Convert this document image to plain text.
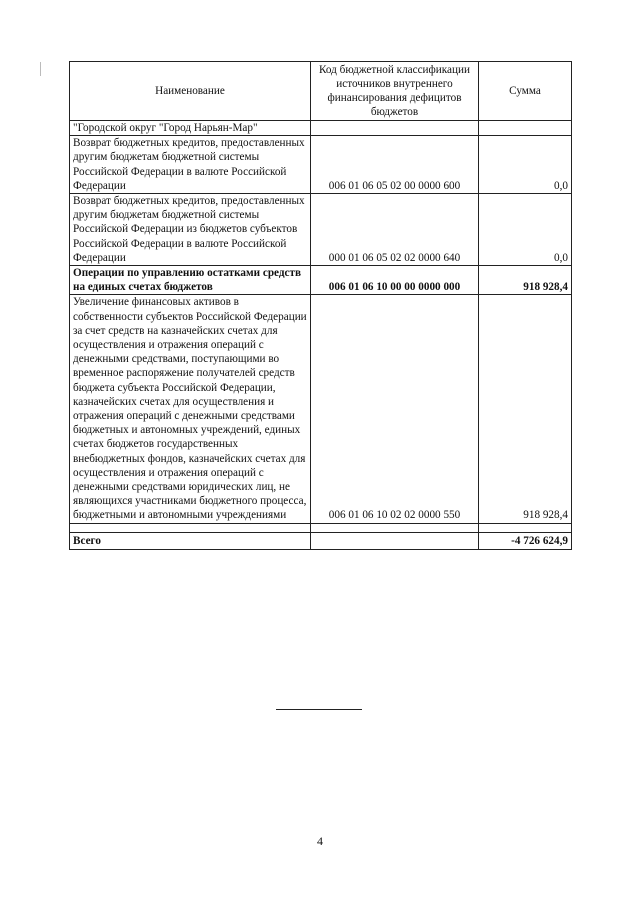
Наименование	Код бюджетной классификации источников внутреннего финансирования дефицитов бюджетов	Сумма
"Городской округ "Город Нарьян-Мар"		
Возврат бюджетных кредитов, предоставленных другим бюджетам бюджетной системы Российской Федерации в валюте Российской Федерации	006 01 06 05 02 00 0000 600	0,0
Возврат бюджетных кредитов, предоставленных другим бюджетам бюджетной системы Российской Федерации из бюджетов субъектов Российской Федерации в валюте Российской Федерации	000 01 06 05 02 02 0000 640	0,0
Операции по управлению остатками средств на единых счетах бюджетов	006 01 06 10 00 00 0000 000	918 928,4
Увеличение финансовых активов в собственности субъектов Российской Федерации за счет средств на казначейских счетах для осуществления и отражения операций с денежными средствами, поступающими во временное распоряжение получателей средств бюджета субъекта Российской Федерации, казначейских счетах для осуществления и отражения операций с денежными средствами бюджетных и автономных учреждений, единых счетах бюджетов государственных внебюджетных фондов, казначейских счетах для осуществления и отражения операций с денежными средствами юридических лиц, не являющихся участниками бюджетного процесса, бюджетными и автономными учреждениями	006 01 06 10 02 02 0000 550	918 928,4

Всего		-4 726 624,9
4
